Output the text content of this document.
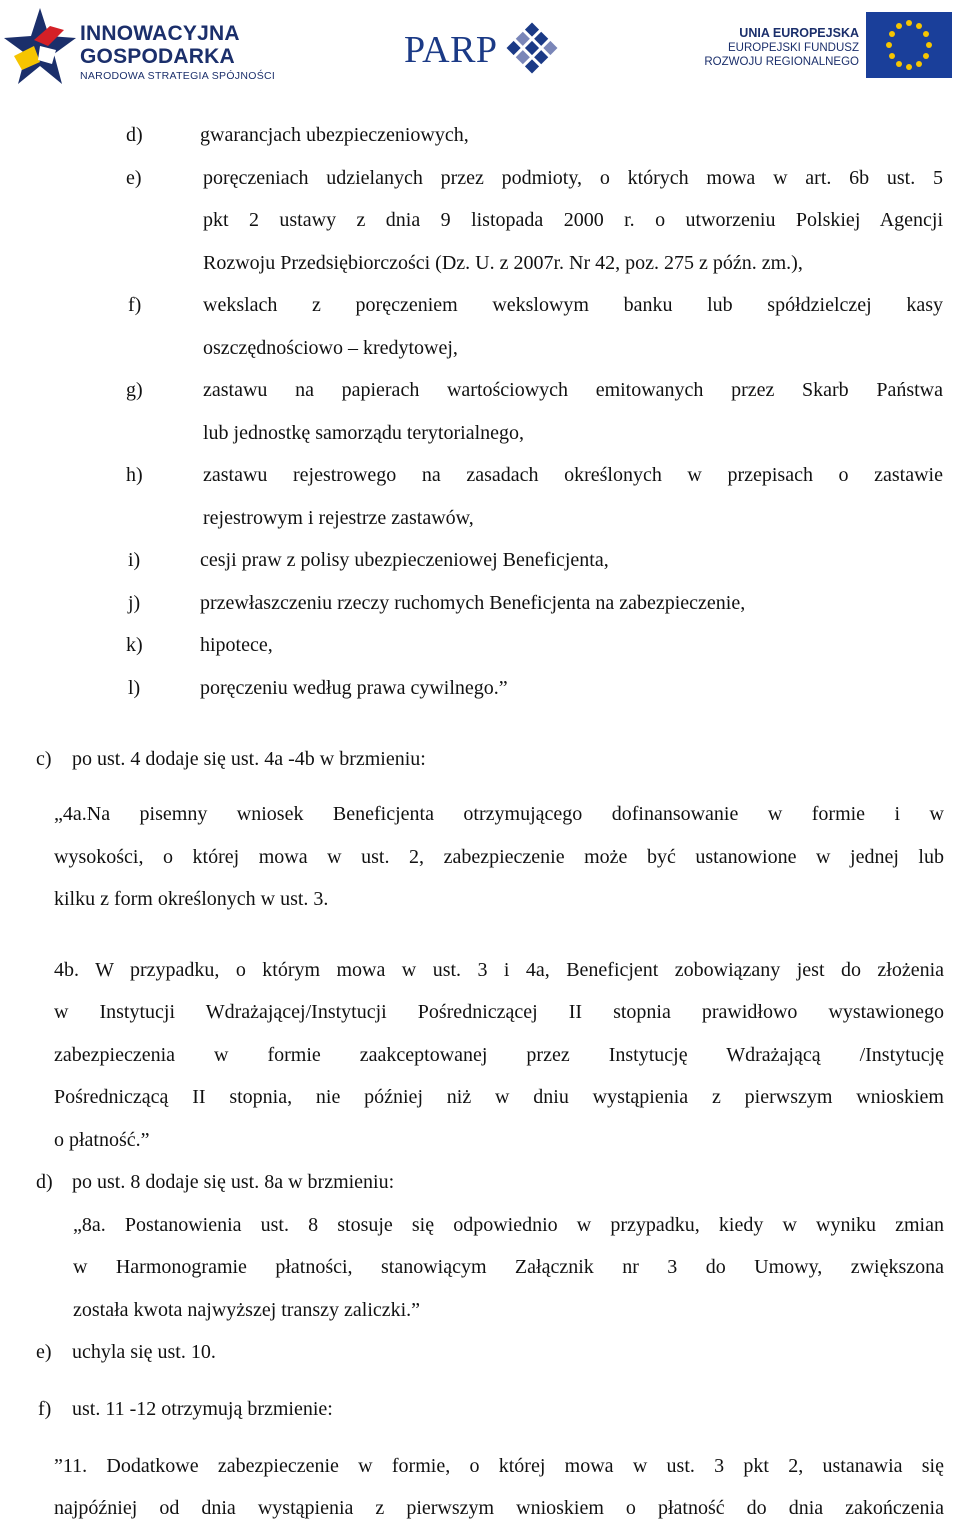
INNOWACYJNA
GOSPODARKA
NARODOWA STRATEGIA SPÓJNOŚCI
PARP	UNIA EUROPEJSKA
EUROPEJSKI FUNDUSZ
ROZWOJU REGIONALNEGO
d)	gwarancjach ubezpieczeniowych,
e)	poręczeniach udzielanych przez podmioty, o których mowa w art. 6b ust. 5
pkt 2 ustawy z dnia 9 listopada 2000 r. o utworzeniu Polskiej Agencji
Rozwoju Przedsiębiorczości (Dz. U. z 2007r. Nr 42, poz. 275 z późn. zm.),
f)	wekslach z poręczeniem wekslowym banku lub spółdzielczej kasy
oszczędnościowo – kredytowej,
g)	zastawu na papierach wartościowych emitowanych przez Skarb Państwa
lub jednostkę samorządu terytorialnego,
h)	zastawu rejestrowego na zasadach określonych w przepisach o zastawie
rejestrowym i rejestrze zastawów,
i)	cesji praw z polisy ubezpieczeniowej Beneficjenta,
j)	przewłaszczeniu rzeczy ruchomych Beneficjenta na zabezpieczenie,
k)	hipotece,
l)	poręczeniu według prawa cywilnego.”
c) po ust. 4 dodaje się ust. 4a -4b w brzmieniu:
„4a.Na pisemny wniosek Beneficjenta otrzymującego dofinansowanie w formie i w
wysokości, o której mowa w ust. 2, zabezpieczenie może być ustanowione w jednej lub
kilku z form określonych w ust. 3.
4b. W przypadku, o którym mowa w ust. 3 i 4a, Beneficjent zobowiązany jest do złożenia
w Instytucji Wdrażającej/Instytucji Pośredniczącej II stopnia prawidłowo wystawionego
zabezpieczenia w formie zaakceptowanej przez Instytucję Wdrażającą /Instytucję
Pośredniczącą II stopnia, nie później niż w dniu wystąpienia z pierwszym wnioskiem
o płatność.”
d) po ust. 8 dodaje się ust. 8a w brzmieniu:
„8a. Postanowienia ust. 8 stosuje się odpowiednio w przypadku, kiedy w wyniku zmian
w Harmonogramie płatności, stanowiącym Załącznik nr 3 do Umowy, zwiększona
została kwota najwyższej transzy zaliczki.”
e) uchyla się ust. 10.
f) ust. 11 -12 otrzymują brzmienie:
”11. Dodatkowe zabezpieczenie w formie, o której mowa w ust. 3 pkt 2, ustanawia się
najpóźniej od dnia wystąpienia z pierwszym wnioskiem o płatność do dnia zakończenia
